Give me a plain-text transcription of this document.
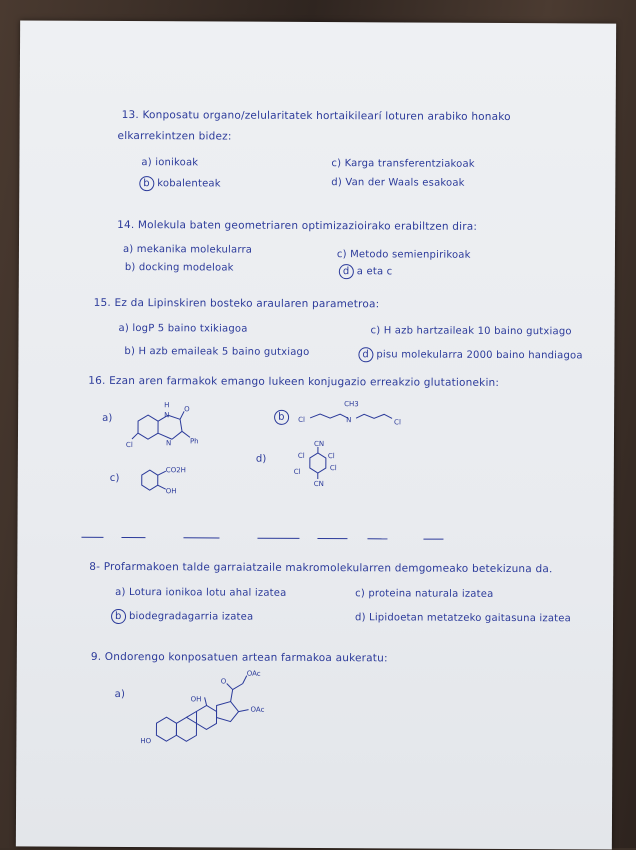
13. Konposatu organo/zelularitatek hortaikilearí loturen arabiko honako
elkarrekintzen bidez:
a) ionikoak
b kobalenteak
c) Karga transferentziakoak
d) Van der Waals esakoak
14. Molekula baten geometriaren optimizazioirako erabiltzen dira:
a) mekanika molekularra
b) docking modeloak
c) Metodo semienpirikoak
d a eta c
15. Ez da Lipinskiren bosteko araularen parametroa:
a) logP 5 baino txikiagoa
b) H azb emaileak 5 baino gutxiago
c) H azb hartzaileak 10 baino gutxiago
d pisu molekularra 2000 baino handiagoa
16. Ezan aren farmakok emango lukeen konjugazio erreakzio glutationekin:
a)	b
c)
d)
H
N
O
N	Ph
Cl
Cl
CH3
N	Cl
CO2H
OH
CN
CN
Cl	Cl
Cl
Cl
8- Profarmakoen talde garraiatzaile makromolekularren demgomeako betekizuna da.
a) Lotura ionikoa lotu ahal izatea
b biodegradagarria izatea
c) proteina naturala izatea
d) Lipidoetan metatzeko gaitasuna izatea
9. Ondorengo konposatuen artean farmakoa aukeratu:
a)
OAc
O
OAc
OH
HO
